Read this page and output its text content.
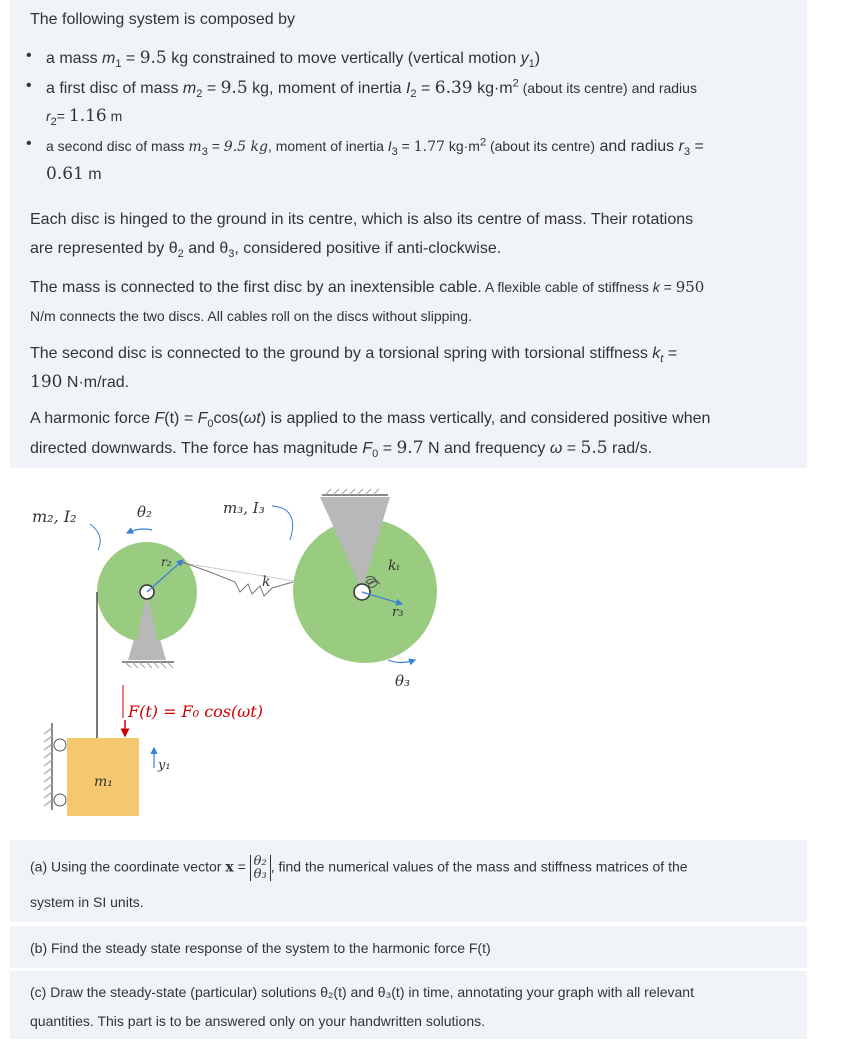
The following system is composed by
• a mass $m_1 = 9.5$ kg constrained to move vertically (vertical motion $y_1$)
• a first disc of mass $m_2 = 9.5$ kg, moment of inertia $I_2 = 6.39$ $kg\cdot m^2$ (about its centre) and radius
$r_2= 1.16$ m
• a second disc of mass $m_3 = 9.5$ kg, moment of inertia $I_3 = 1.77$ $kg\cdot m^2$ (about its centre) and radius $r_3$ =
0.61 m
Each disc is hinged to the ground in its centre, which is also its centre of mass. Their rotations
are represented by $\theta_2$ and $\theta_3$, considered positive if anti-clockwise.
The mass is connected to the first disc by an inextensible cable. A flexible cable of stiffness k = 950
N/m connects the two discs. All cables roll on the discs without slipping.
The second disc is connected to the ground by a torsional spring with torsional stiffness $k_t$ =
190 N·m/rad.
A harmonic force $F(t) = F_0\cos(\omega t)$ is applied to the mass vertically, and considered positive when
directed downwards. The force has magnitude $F_0 = 9.7$ N and frequency ω = 5.5 rad/s.
m₂, I₂	θ₂	m₃, I₃
r₂
k
kₜ
r₃
θ₃
F(t) = F₀ cos(ωt)
m₁
y₁
(a) Using the coordinate vector x = θ₂
θ₃ , find the numerical values of the mass and stiffness matrices of the
system in SI units.
(b) Find the steady state response of the system to the harmonic force F(t)
(c) Draw the steady-state (particular) solutions θ₂(t) and θ₃(t) in time, annotating your graph with all relevant
quantities. This part is to be answered only on your handwritten solutions.
